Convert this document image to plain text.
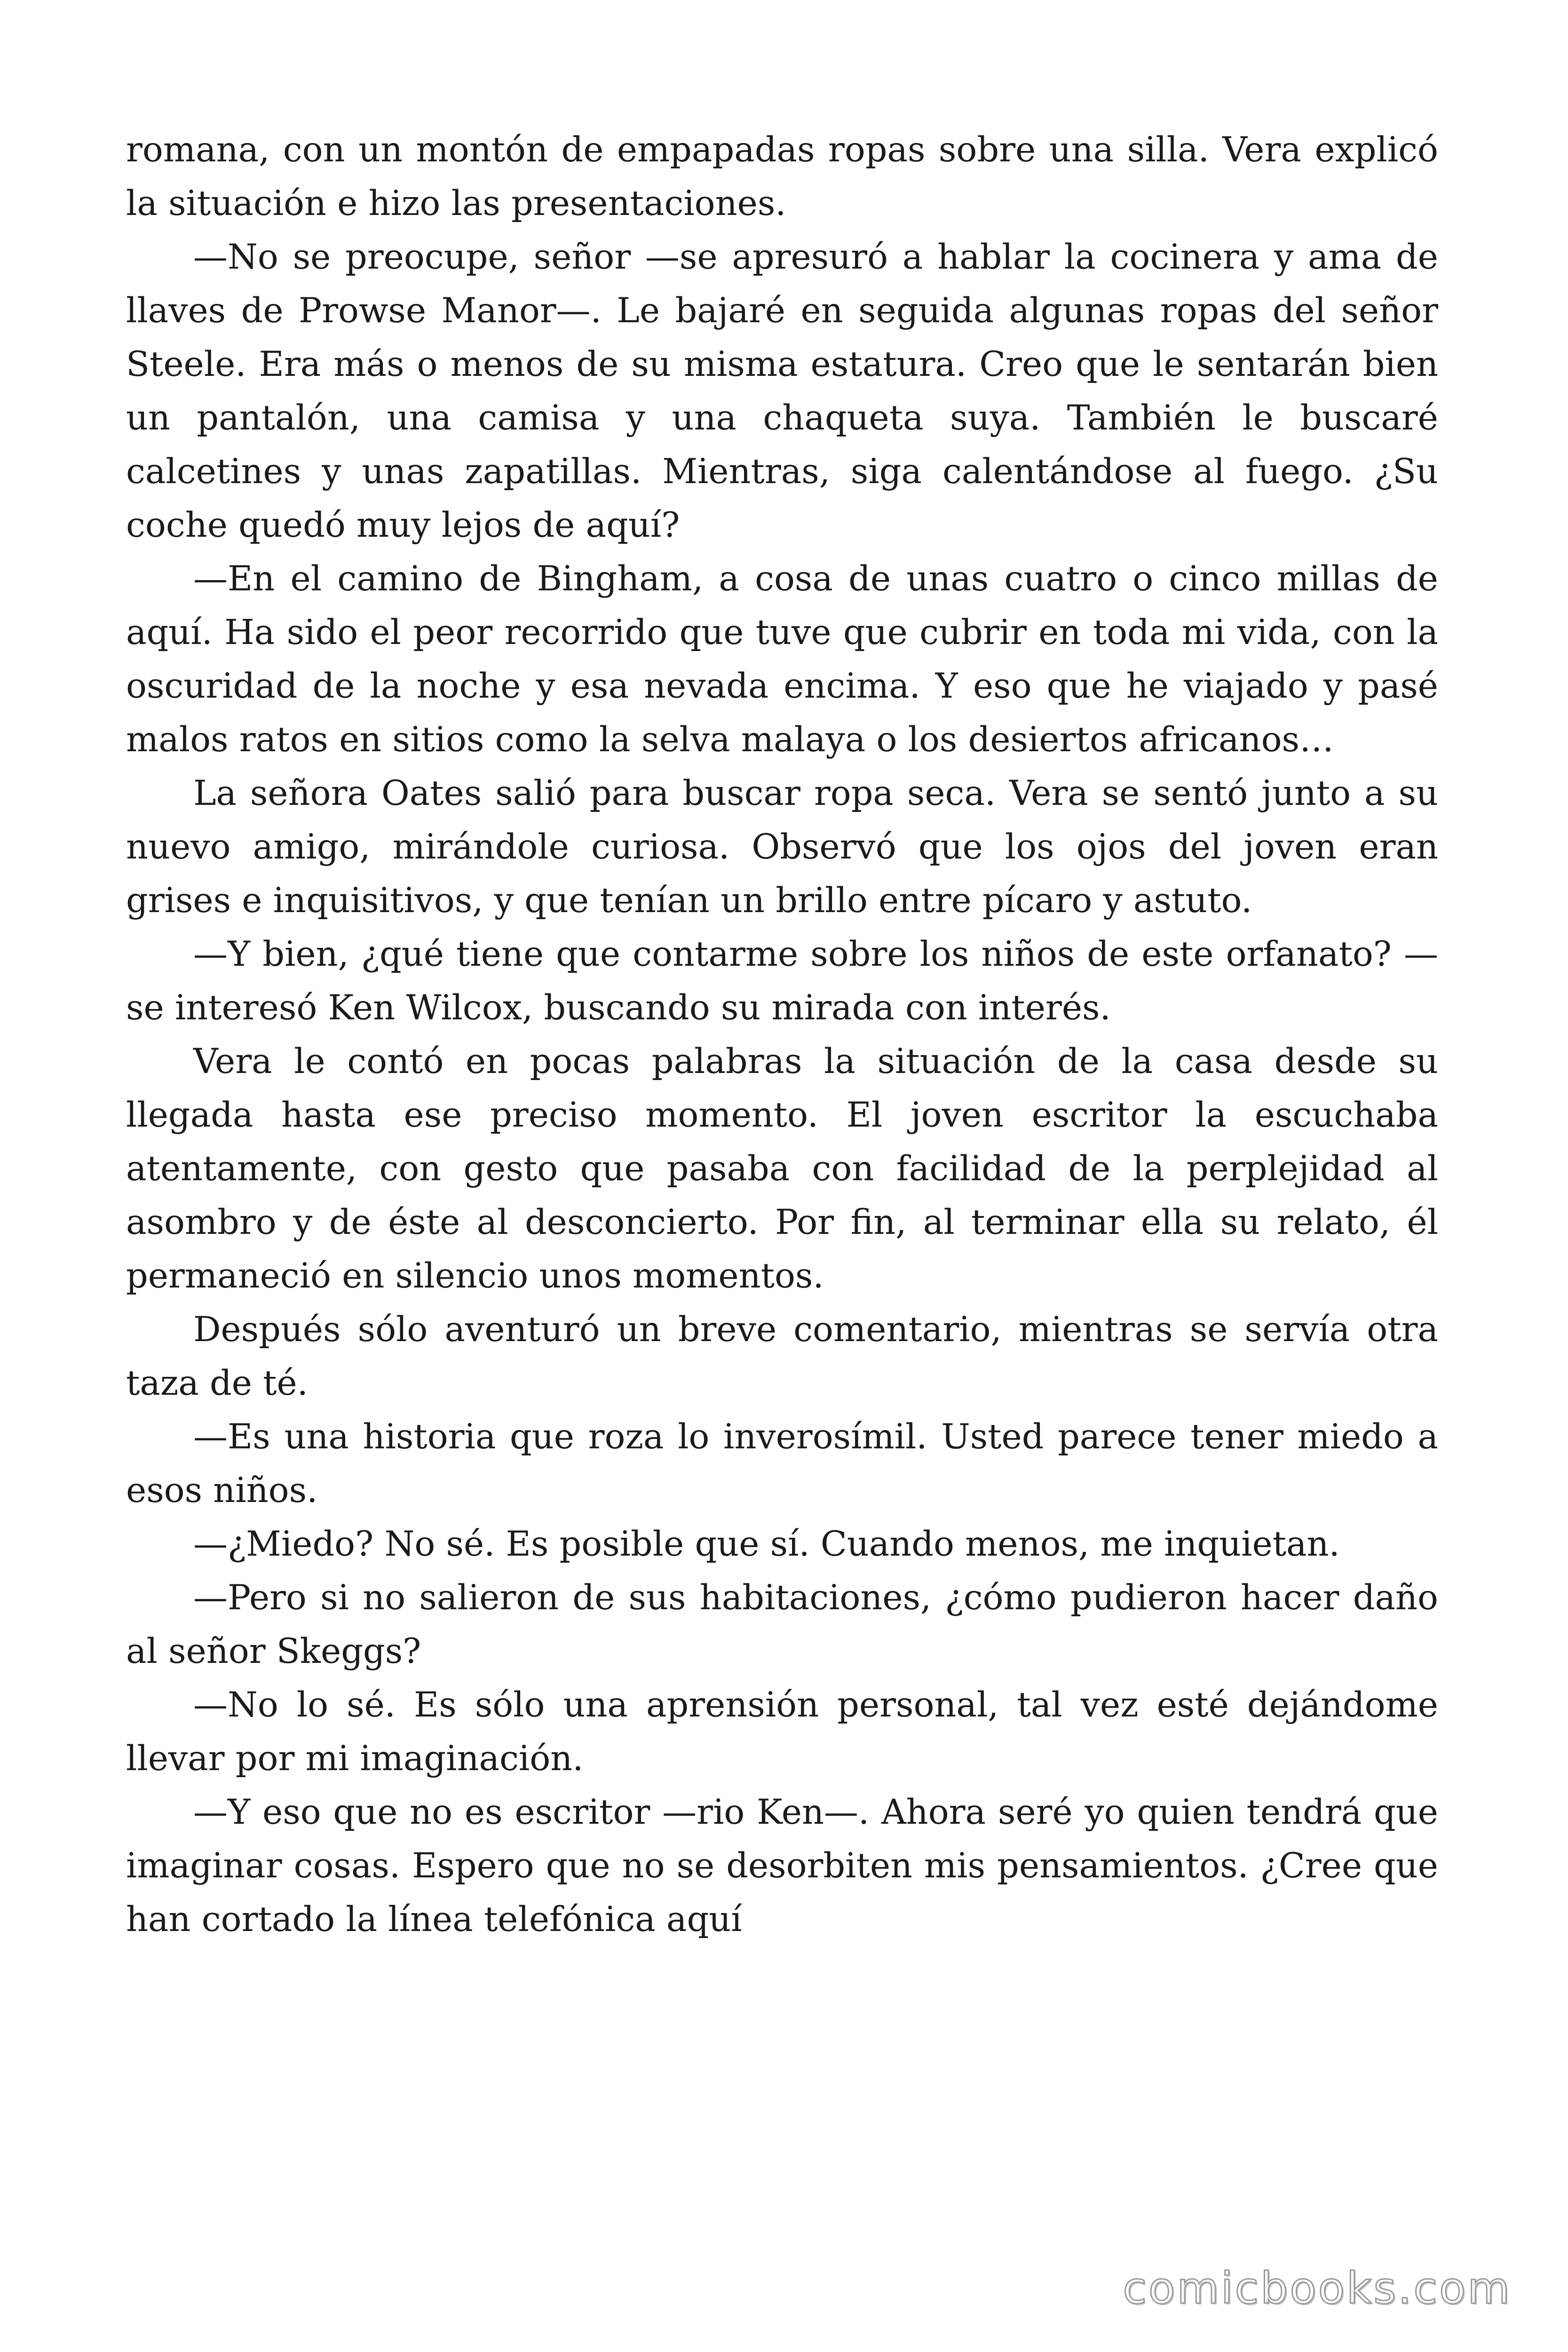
romana, con un montón de empapadas ropas sobre una silla. Vera explicó la situación e hizo las presentaciones.

—No se preocupe, señor —se apresuró a hablar la cocinera y ama de llaves de Prowse Manor—. Le bajaré en seguida algunas ropas del señor Steele. Era más o menos de su misma estatura. Creo que le sentarán bien un pantalón, una camisa y una chaqueta suya. También le buscaré calcetines y unas zapatillas. Mientras, siga calentándose al fuego. ¿Su coche quedó muy lejos de aquí?

—En el camino de Bingham, a cosa de unas cuatro o cinco millas de aquí. Ha sido el peor recorrido que tuve que cubrir en toda mi vida, con la oscuridad de la noche y esa nevada encima. Y eso que he viajado y pasé malos ratos en sitios como la selva malaya o los desiertos africanos…

La señora Oates salió para buscar ropa seca. Vera se sentó junto a su nuevo amigo, mirándole curiosa. Observó que los ojos del joven eran grises e inquisitivos, y que tenían un brillo entre pícaro y astuto.

—Y bien, ¿qué tiene que contarme sobre los niños de este orfanato? —se interesó Ken Wilcox, buscando su mirada con interés.

Vera le contó en pocas palabras la situación de la casa desde su llegada hasta ese preciso momento. El joven escritor la escuchaba atentamente, con gesto que pasaba con facilidad de la perplejidad al asombro y de éste al desconcierto. Por fin, al terminar ella su relato, él permaneció en silencio unos momentos.

Después sólo aventuró un breve comentario, mientras se servía otra taza de té.

—Es una historia que roza lo inverosímil. Usted parece tener miedo a esos niños.

—¿Miedo? No sé. Es posible que sí. Cuando menos, me inquietan.

—Pero si no salieron de sus habitaciones, ¿cómo pudieron hacer daño al señor Skeggs?

—No lo sé. Es sólo una aprensión personal, tal vez esté dejándome llevar por mi imaginación.

—Y eso que no es escritor —rio Ken—. Ahora seré yo quien tendrá que imaginar cosas. Espero que no se desorbiten mis pensamientos. ¿Cree que han cortado la línea telefónica aquí

comicbooks.com
